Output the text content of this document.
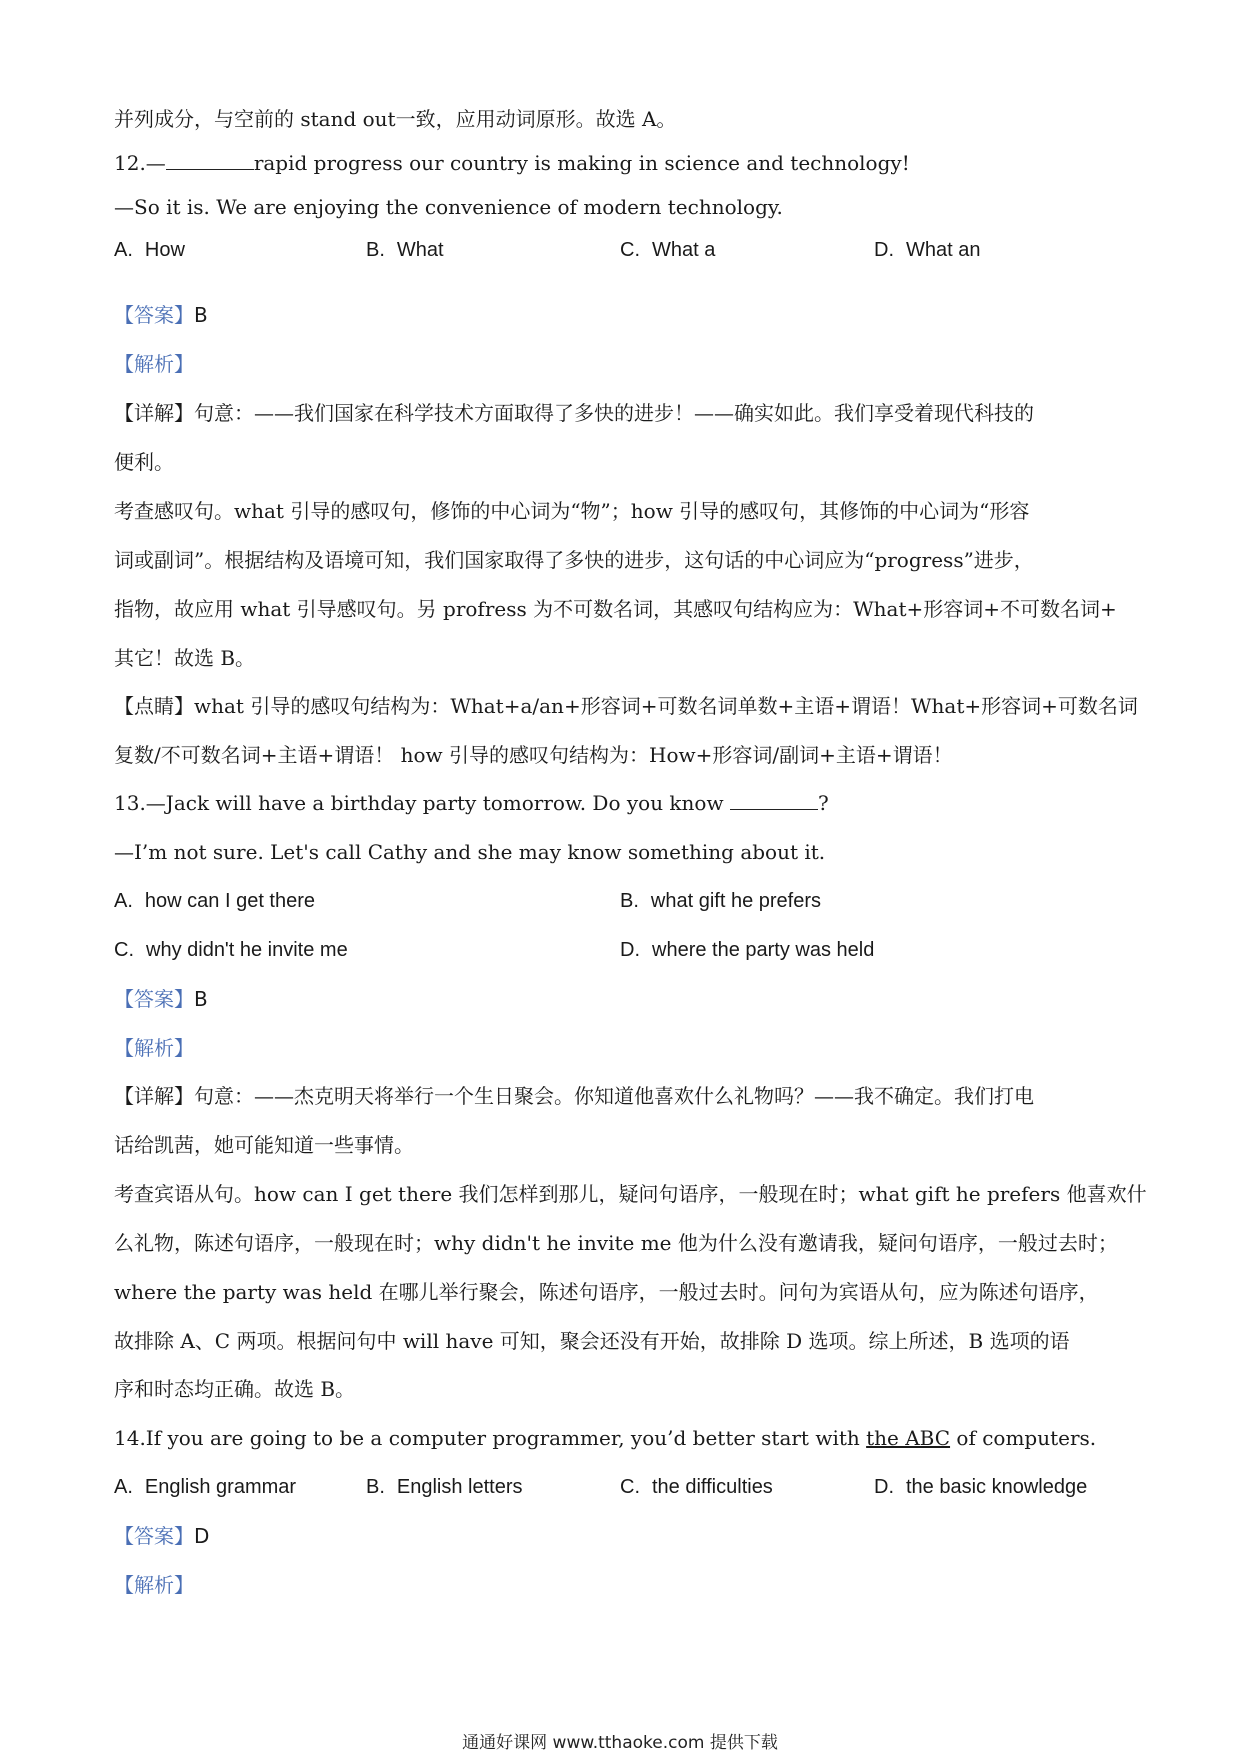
并列成分，与空前的 stand out一致，应用动词原形。故选 A。
12.—	rapid progress our country is making in science and technology!
—So it is. We are enjoying the convenience of modern technology.
A. How	B. What	C. What a	D. What an
【答案】B
【解析】
【详解】句意：——我们国家在科学技术方面取得了多快的进步！——确实如此。我们享受着现代科技的
便利。
考查感叹句。what 引导的感叹句，修饰的中心词为“物”；how 引导的感叹句，其修饰的中心词为“形容
词或副词”。根据结构及语境可知，我们国家取得了多快的进步，这句话的中心词应为“progress”进步，
指物，故应用 what 引导感叹句。另 profress 为不可数名词，其感叹句结构应为：What+形容词+不可数名词+
其它！故选 B。
【点睛】what 引导的感叹句结构为：What+a/an+形容词+可数名词单数+主语+谓语！What+形容词+可数名词
复数/不可数名词+主语+谓语！ how 引导的感叹句结构为：How+形容词/副词+主语+谓语！
13.—Jack will have a birthday party tomorrow. Do you know	?
—I’m not sure. Let's call Cathy and she may know something about it.
A. how can I get there	B. what gift he prefers
C. why didn't he invite me	D. where the party was held
【答案】B
【解析】
【详解】句意：——杰克明天将举行一个生日聚会。你知道他喜欢什么礼物吗？——我不确定。我们打电
话给凯茜，她可能知道一些事情。
考查宾语从句。how can I get there 我们怎样到那儿，疑问句语序，一般现在时；what gift he prefers 他喜欢什
么礼物，陈述句语序，一般现在时；why didn't he invite me 他为什么没有邀请我，疑问句语序，一般过去时；
where the party was held 在哪儿举行聚会，陈述句语序，一般过去时。问句为宾语从句，应为陈述句语序，
故排除 A、C 两项。根据问句中 will have 可知，聚会还没有开始，故排除 D 选项。综上所述，B 选项的语
序和时态均正确。故选 B。
14.If you are going to be a computer programmer, you’d better start with the ABC of computers.
A. English grammar	B. English letters	C. the difficulties	D. the basic knowledge
【答案】D
【解析】
通通好课网 www.tthaoke.com 提供下载
